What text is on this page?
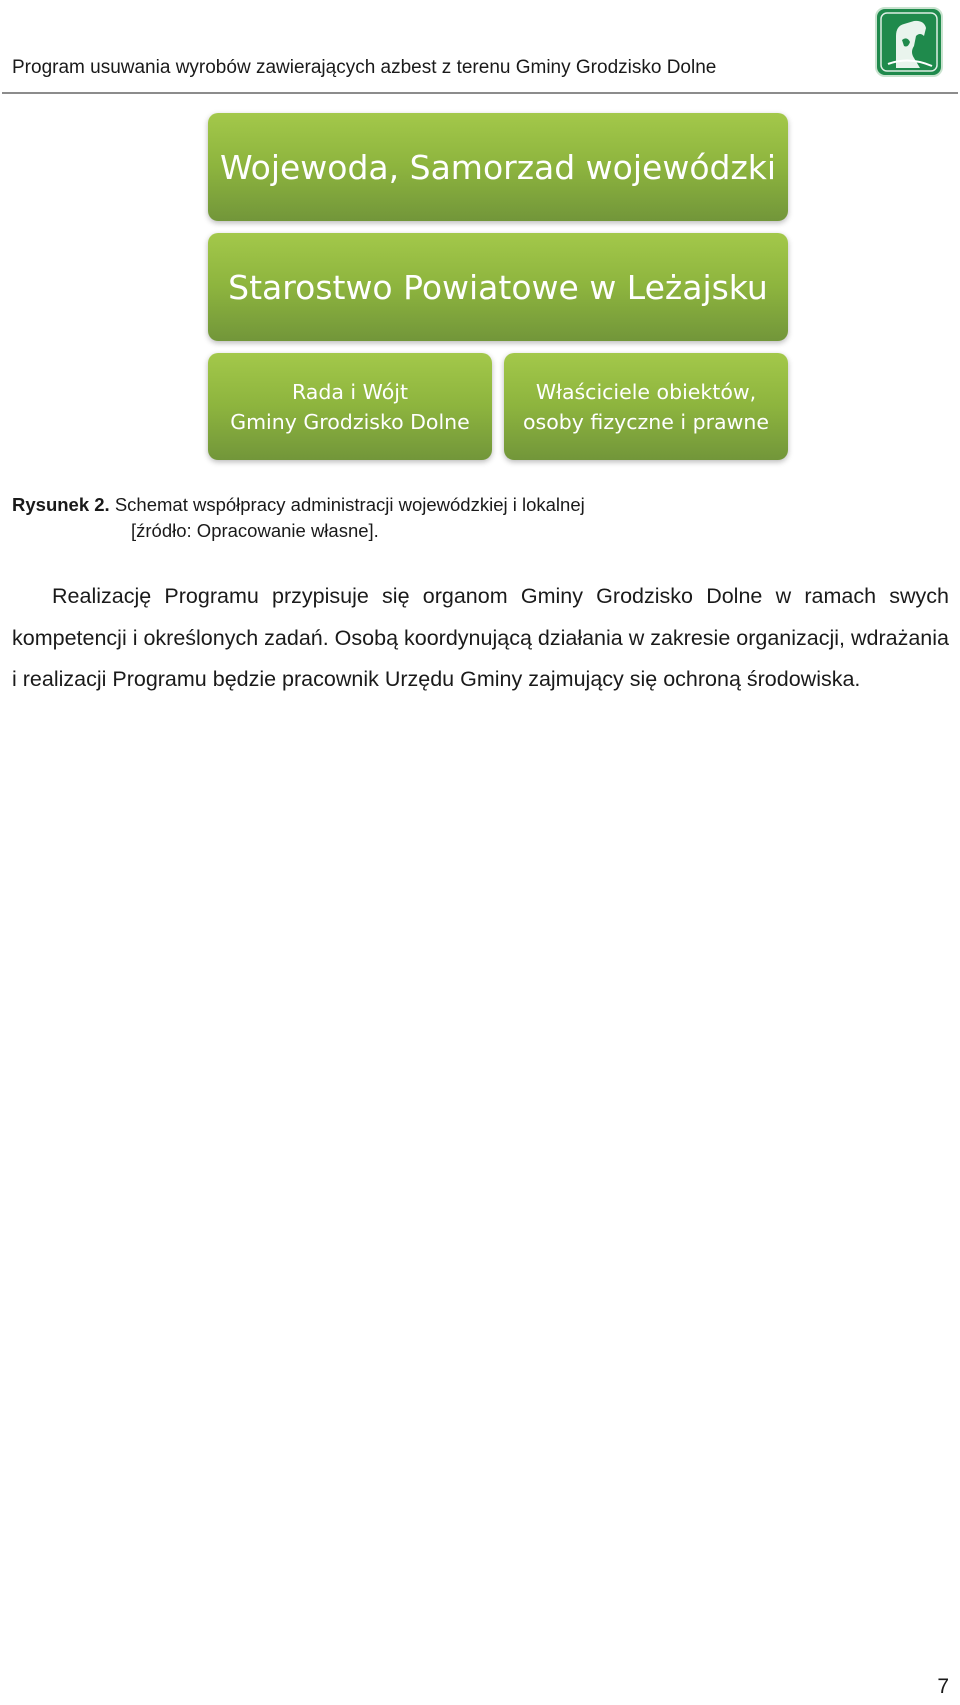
Program usuwania wyrobów zawierających azbest z terenu Gminy Grodzisko Dolne
Wojewoda, Samorzad wojewódzki
Starostwo Powiatowe w Leżajsku
Rada i Wójt
Gminy Grodzisko Dolne
Właściciele obiektów,
osoby fizyczne i prawne
Rysunek 2. Schemat współpracy administracji wojewódzkiej i lokalnej
[źródło: Opracowanie własne].

Realizację Programu przypisuje się organom Gminy Grodzisko Dolne w ramach swych kompetencji i określonych zadań. Osobą koordynującą działania w zakresie organizacji, wdrażania i realizacji Programu będzie pracownik Urzędu Gminy zajmujący się ochroną środowiska.

7
